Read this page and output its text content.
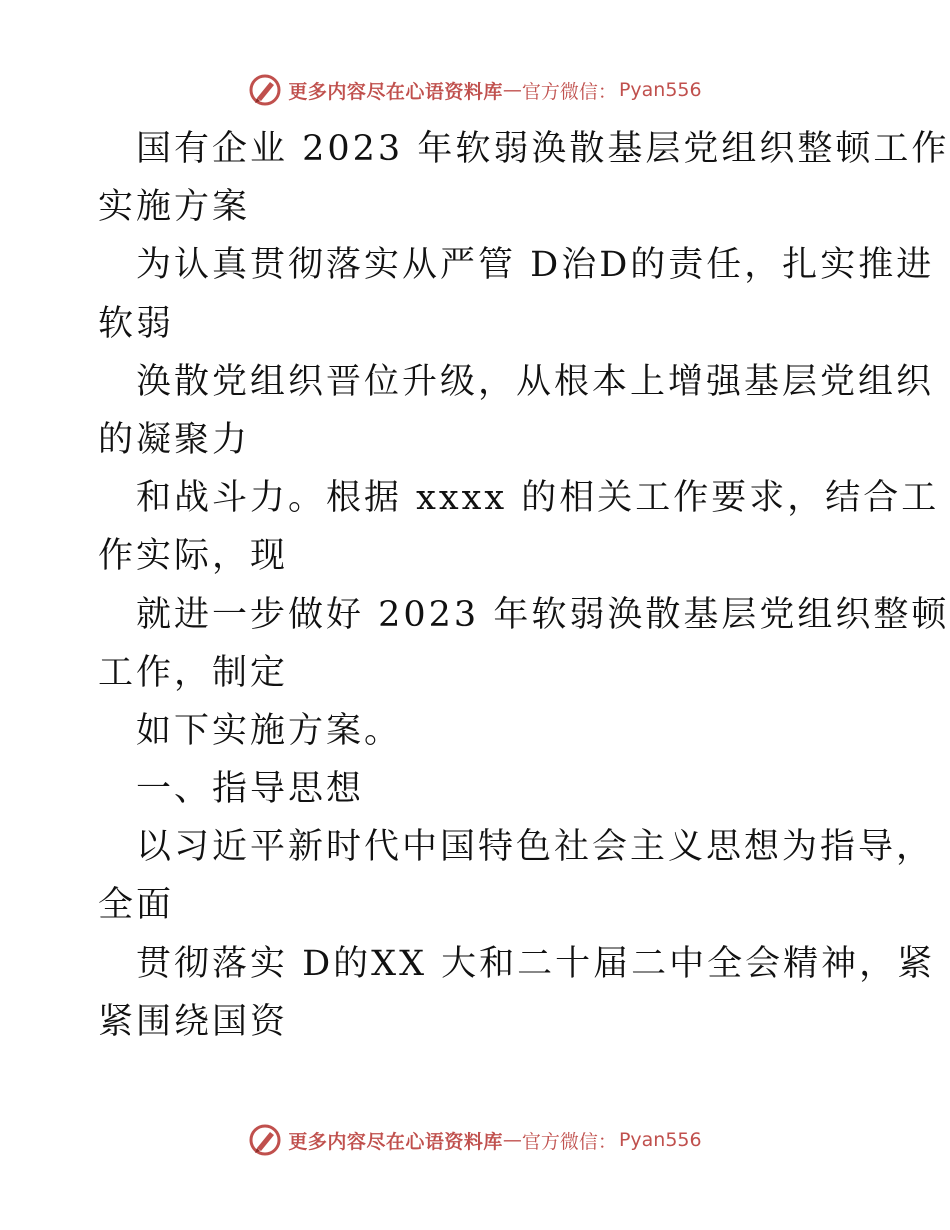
更多内容尽在心语资料库 — 官方微信： Pyan556
国有企业 2023 年软弱涣散基层党组织整顿工作
实施方案
为认真贯彻落实从严管 D治D的责任，扎实推进
软弱
涣散党组织晋位升级，从根本上增强基层党组织
的凝聚力
和战斗力。根据 xxxx 的相关工作要求，结合工
作实际，现
就进一步做好 2023 年软弱涣散基层党组织整顿
工作，制定
如下实施方案。
一、指导思想
以习近平新时代中国特色社会主义思想为指导，
全面
贯彻落实 D的XX 大和二十届二中全会精神，紧
紧围绕国资
更多内容尽在心语资料库 — 官方微信： Pyan556
